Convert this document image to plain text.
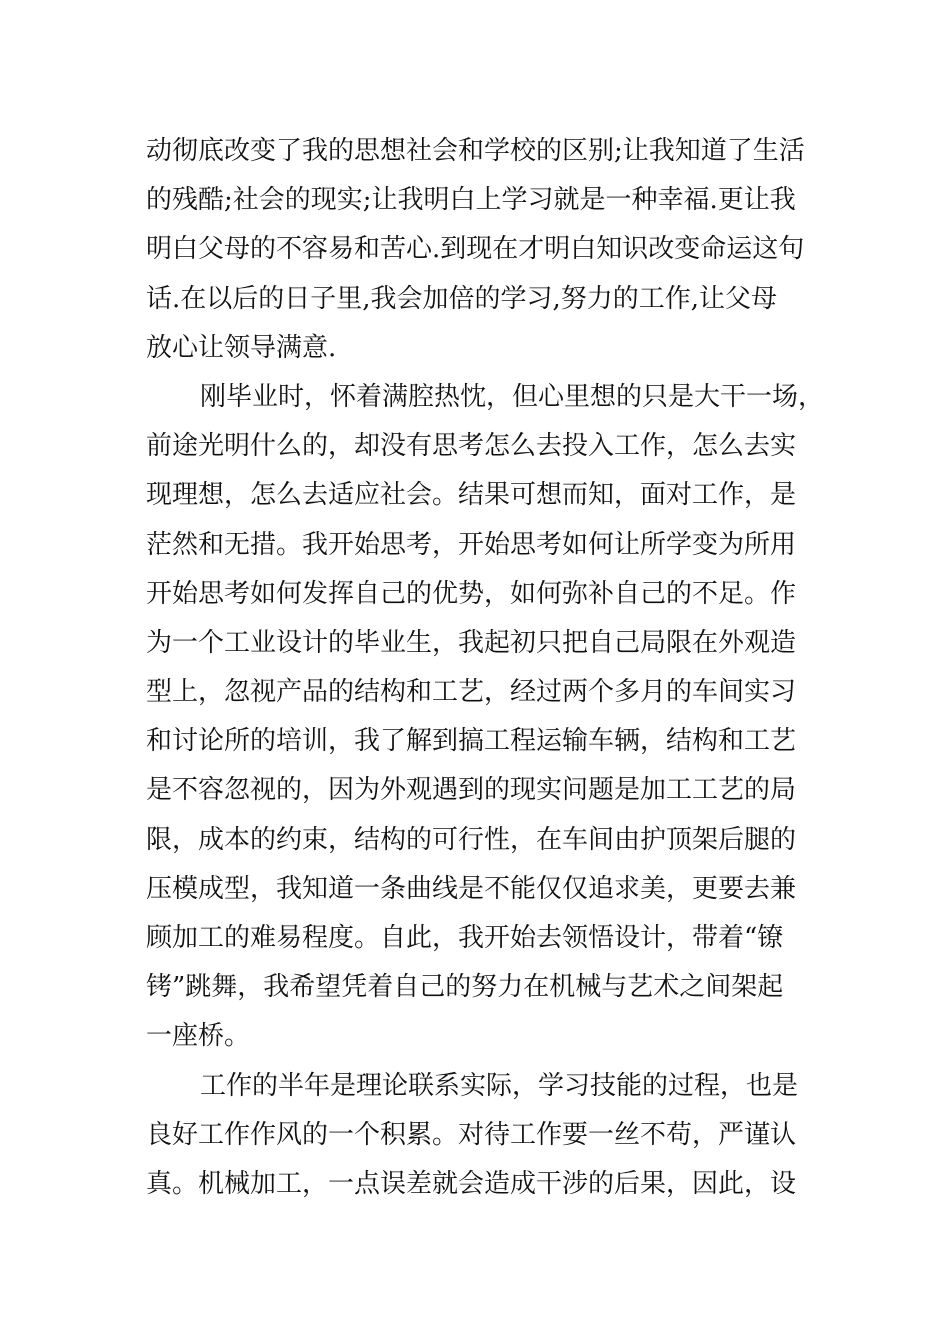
动彻底改变了我的思想社会和学校的区别;让我知道了生活
的残酷;社会的现实;让我明白上学习就是一种幸福.更让我
明白父母的不容易和苦心.到现在才明白知识改变命运这句
话.在以后的日子里,我会加倍的学习,努力的工作,让父母
放心让领导满意.
刚毕业时，怀着满腔热忱，但心里想的只是大干一场，
前途光明什么的，却没有思考怎么去投入工作，怎么去实
现理想，怎么去适应社会。结果可想而知，面对工作，是
茫然和无措。我开始思考，开始思考如何让所学变为所用
开始思考如何发挥自己的优势，如何弥补自己的不足。作
为一个工业设计的毕业生，我起初只把自己局限在外观造
型上，忽视产品的结构和工艺，经过两个多月的车间实习
和讨论所的培训，我了解到搞工程运输车辆，结构和工艺
是不容忽视的，因为外观遇到的现实问题是加工工艺的局
限，成本的约束，结构的可行性，在车间由护顶架后腿的
压模成型，我知道一条曲线是不能仅仅追求美，更要去兼
顾加工的难易程度。自此，我开始去领悟设计，带着“镣
铐”跳舞，我希望凭着自己的努力在机械与艺术之间架起
一座桥。
工作的半年是理论联系实际，学习技能的过程，也是
良好工作作风的一个积累。对待工作要一丝不苟，严谨认
真。机械加工，一点误差就会造成干涉的后果，因此，设
